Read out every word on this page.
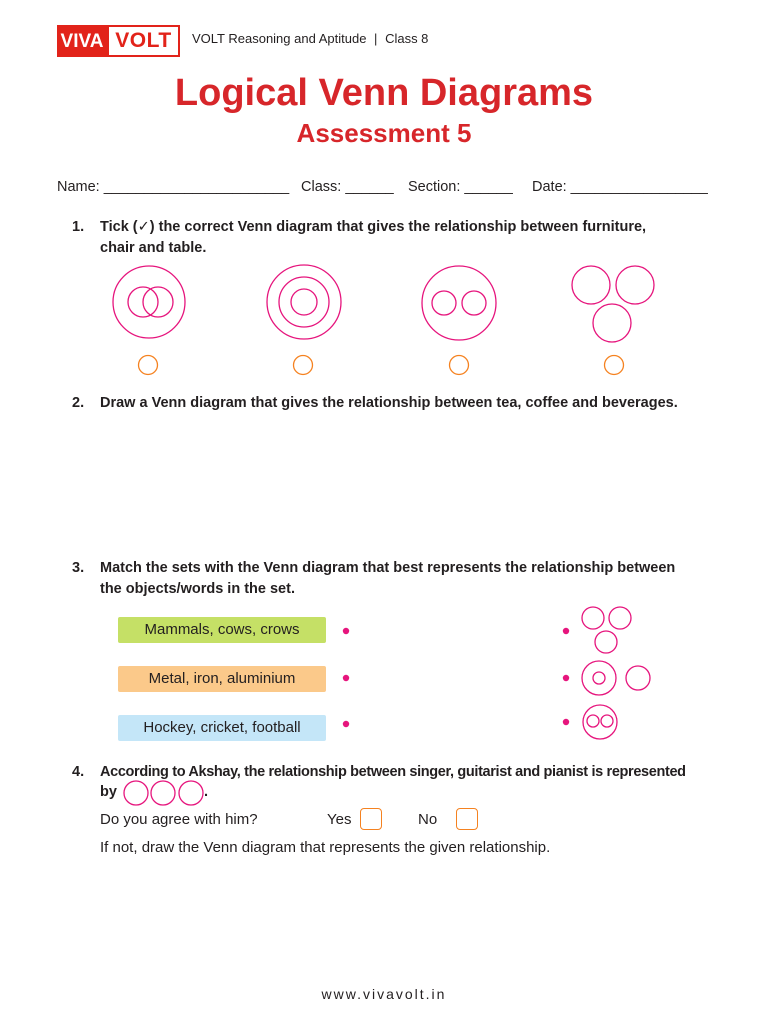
VIVA VOLT	VOLT Reasoning and Aptitude | Class 8
Logical Venn Diagrams
Assessment 5
Name: _______________________ Class: ______ Section: ______ Date: _________________
1. Tick (✓) the correct Venn diagram that gives the relationship between furniture,
chair and table.
2. Draw a Venn diagram that gives the relationship between tea, coffee and beverages.
3. Match the sets with the Venn diagram that best represents the relationship between
the objects/words in the set.
Mammals, cows, crows
Metal, iron, aluminium
Hockey, cricket, football
4. According to Akshay, the relationship between singer, guitarist and pianist is represented
by	.
Do you agree with him?	Yes	No
If not, draw the Venn diagram that represents the given relationship.
www.vivavolt.in
